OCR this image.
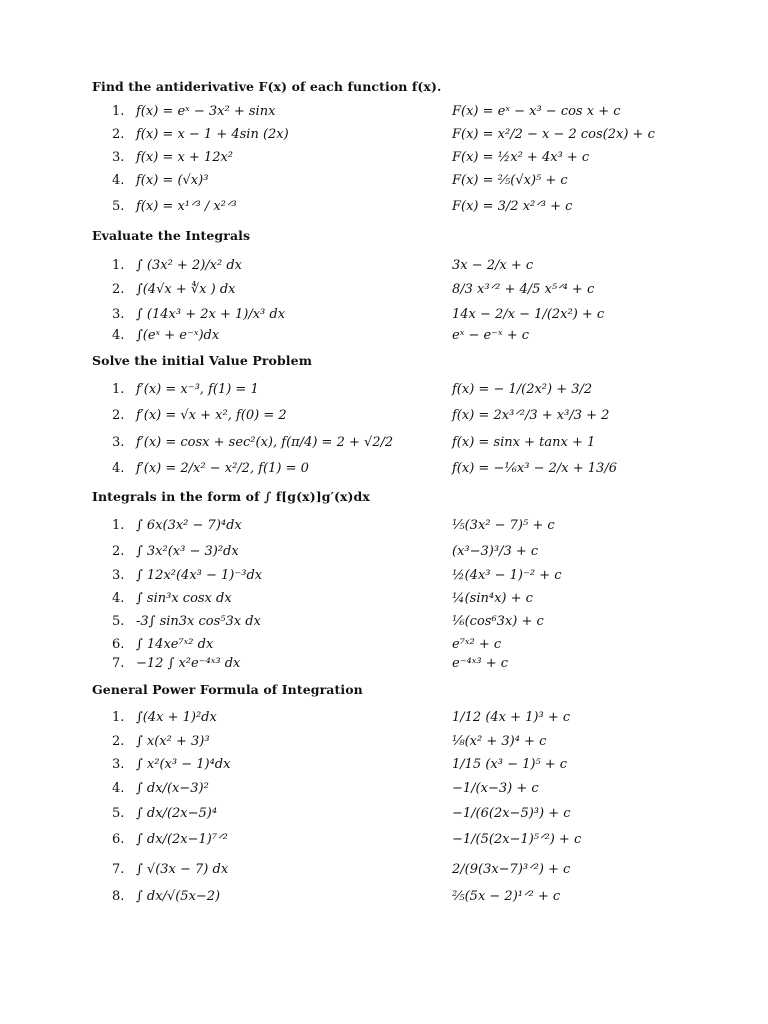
Find the antiderivative F(x) of each function f(x).
1. f(x) = eˣ − 3x² + sinx	F(x) = eˣ − x³ − cos x + c
2. f(x) = x − 1 + 4sin (2x)	F(x) = x²/2 − x − 2 cos(2x) + c
3. f(x) = x + 12x²	F(x) = ½x² + 4x³ + c
4. f(x) = (√x)³	F(x) = ⅖(√x)⁵ + c
5. f(x) = x¹ᐟ³ / x²ᐟ³	F(x) = 3/2 x²ᐟ³ + c
Evaluate the Integrals
1. ∫ (3x² + 2)/x² dx	3x − 2/x + c
2. ∫(4√x + ∜x ) dx	8/3 x³ᐟ² + 4/5 x⁵ᐟ⁴ + c
3. ∫ (14x³ + 2x + 1)/x³ dx	14x − 2/x − 1/(2x²) + c
4. ∫(eˣ + e⁻ˣ)dx	eˣ − e⁻ˣ + c
Solve the initial Value Problem
1. f′(x) = x⁻³, f(1) = 1	f(x) = − 1/(2x²) + 3/2
2. f′(x) = √x + x², f(0) = 2	f(x) = 2x³ᐟ²/3 + x³/3 + 2
3. f′(x) = cosx + sec²(x), f(π/4) = 2 + √2/2	f(x) = sinx + tanx + 1
4. f′(x) = 2/x² − x²/2, f(1) = 0	f(x) = −⅙x³ − 2/x + 13/6
Integrals in the form of ∫ f[g(x)]g′(x)dx
1. ∫ 6x(3x² − 7)⁴dx	⅕(3x² − 7)⁵ + c
2. ∫ 3x²(x³ − 3)²dx	(x³−3)³/3 + c
3. ∫ 12x²(4x³ − 1)⁻³dx	½(4x³ − 1)⁻² + c
4. ∫ sin³x cosx dx	¼(sin⁴x) + c
5. -3∫ sin3x cos⁵3x dx	⅙(cos⁶3x) + c
6. ∫ 14xe⁷ˣ² dx	e⁷ˣ² + c
7. −12 ∫ x²e⁻⁴ˣ³ dx	e⁻⁴ˣ³ + c
General Power Formula of Integration
1. ∫(4x + 1)²dx	1/12 (4x + 1)³ + c
2. ∫ x(x² + 3)³	⅛(x² + 3)⁴ + c
3. ∫ x²(x³ − 1)⁴dx	1/15 (x³ − 1)⁵ + c
4. ∫ dx/(x−3)²	−1/(x−3) + c
5. ∫ dx/(2x−5)⁴	−1/(6(2x−5)³) + c
6. ∫ dx/(2x−1)⁷ᐟ²	−1/(5(2x−1)⁵ᐟ²) + c
7. ∫ √(3x − 7) dx	2/(9(3x−7)³ᐟ²) + c
8. ∫ dx/√(5x−2)	⅖(5x − 2)¹ᐟ² + c
